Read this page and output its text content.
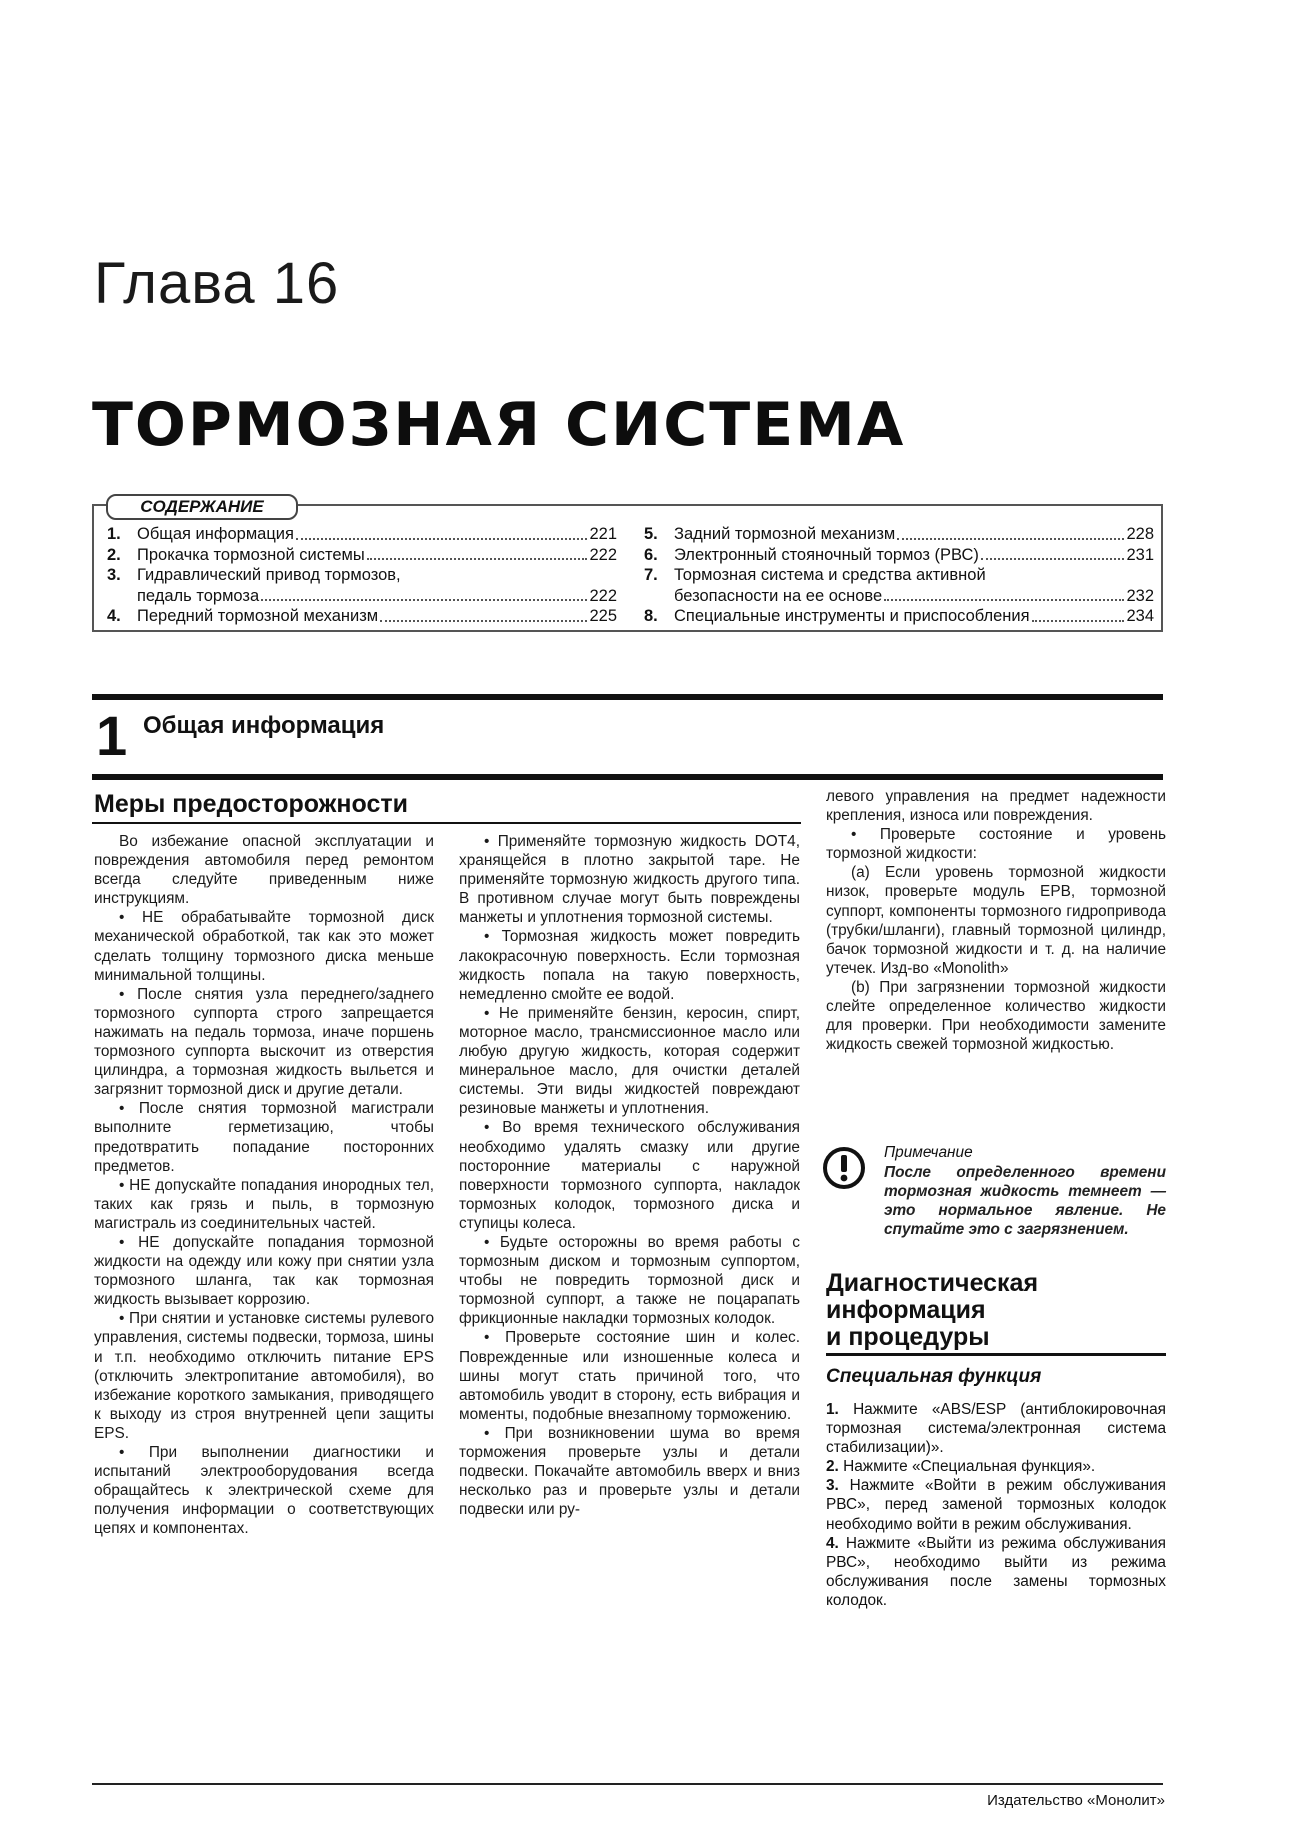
Глава 16
ТОРМОЗНАЯ СИСТЕМА
СОДЕРЖАНИЕ
1. Общая информация	221
2. Прокачка тормозной системы	222
3. Гидравлический привод тормозов,
педаль тормоза	222
4. Передний тормозной механизм	225
5. Задний тормозной механизм	228
6. Электронный стояночный тормоз (РВС)	231
7. Тормозная система и средства активной
безопасности на ее основе	232
8. Специальные инструменты и приспособления	234
1 Общая информация
Меры предосторожности

Во избежание опасной эксплуатации и повреждения автомобиля перед ремонтом всегда следуйте приведенным ниже инструкциям.

• НЕ обрабатывайте тормозной диск механической обработкой, так как это может сделать толщину тормозного диска меньше минимальной толщины.

• После снятия узла переднего/заднего тормозного суппорта строго запрещается нажимать на педаль тормоза, иначе поршень тормозного суппорта выскочит из отверстия цилиндра, а тормозная жидкость выльется и загрязнит тормозной диск и другие детали.

• После снятия тормозной магистрали выполните герметизацию, чтобы предотвратить попадание посторонних предметов.

• НЕ допускайте попадания инородных тел, таких как грязь и пыль, в тормозную магистраль из соединительных частей.

• НЕ допускайте попадания тормозной жидкости на одежду или кожу при снятии узла тормозного шланга, так как тормозная жидкость вызывает коррозию.

• При снятии и установке системы рулевого управления, системы подвески, тормоза, шины и т.п. необходимо отключить питание EPS (отключить электропитание автомобиля), во избежание короткого замыкания, приводящего к выходу из строя внутренней цепи защиты EPS.

• При выполнении диагностики и испытаний электрооборудования всегда обращайтесь к электрической схеме для получения информации о соответствующих цепях и компонентах.

• Применяйте тормозную жидкость DOT4, хранящейся в плотно закрытой таре. Не применяйте тормозную жидкость другого типа. В противном случае могут быть повреждены манжеты и уплотнения тормозной системы.

• Тормозная жидкость может повредить лакокрасочную поверхность. Если тормозная жидкость попала на такую поверхность, немедленно смойте ее водой.

• Не применяйте бензин, керосин, спирт, моторное масло, трансмиссионное масло или любую другую жидкость, которая содержит минеральное масло, для очистки деталей системы. Эти виды жидкостей повреждают резиновые манжеты и уплотнения.

• Во время технического обслуживания необходимо удалять смазку или другие посторонние материалы с наружной поверхности тормозного суппорта, накладок тормозных колодок, тормозного диска и ступицы колеса.

• Будьте осторожны во время работы с тормозным диском и тормозным суппортом, чтобы не повредить тормозной диск и тормозной суппорт, а также не поцарапать фрикционные накладки тормозных колодок.

• Проверьте состояние шин и колес. Поврежденные или изношенные колеса и шины могут стать причиной того, что автомобиль уводит в сторону, есть вибрация и моменты, подобные внезапному торможению.

• При возникновении шума во время торможения проверьте узлы и детали подвески. Покачайте автомобиль вверх и вниз несколько раз и проверьте узлы и детали подвески или ру-

левого управления на предмет надежности крепления, износа или повреждения.

• Проверьте состояние и уровень тормозной жидкости:

(a) Если уровень тормозной жидкости низок, проверьте модуль ЕРВ, тормозной суппорт, компоненты тормозного гидропривода (трубки/шланги), главный тормозной цилиндр, бачок тормозной жидкости и т. д. на наличие утечек. Изд-во «Monolith»

(b) При загрязнении тормозной жидкости слейте определенное количество жидкости для проверки. При необходимости замените жидкость свежей тормозной жидкостью.

Примечание
После определенного времени тормозная жидкость темнеет — это нормальное явление. Не спутайте это с загрязнением.
Диагностическая
информация
и процедуры
Специальная функция

1. Нажмите «ABS/ESP (антиблокировочная тормозная система/электронная система стабилизации)».

2. Нажмите «Специальная функция».

3. Нажмите «Войти в режим обслуживания РВС», перед заменой тормозных колодок необходимо войти в режим обслуживания.

4. Нажмите «Выйти из режима обслуживания РВС», необходимо выйти из режима обслуживания после замены тормозных колодок.

Издательство «Монолит»
